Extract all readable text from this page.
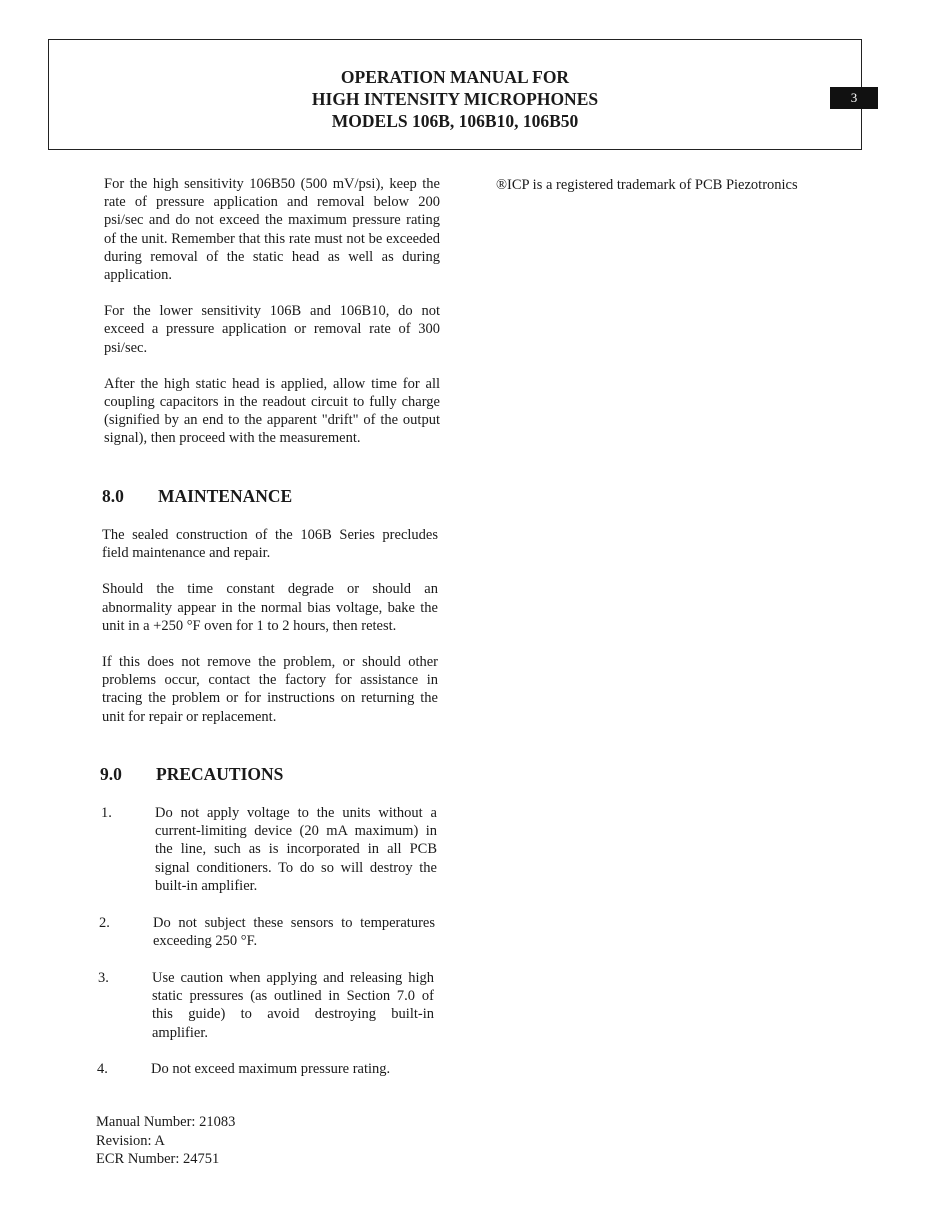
OPERATION MANUAL FOR
HIGH INTENSITY MICROPHONES
MODELS 106B, 106B10, 106B50
3

For the high sensitivity 106B50 (500 mV/psi), keep the rate of pressure application and removal below 200 psi/sec and do not exceed the maximum pressure rating of the unit. Remember that this rate must not be exceeded during removal of the static head as well as during application.

For the lower sensitivity 106B and 106B10, do not exceed a pressure application or removal rate of 300 psi/sec.

After the high static head is applied, allow time for all coupling capacitors in the readout circuit to fully charge (signified by an end to the apparent "drift" of the output signal), then proceed with the measurement.

8.0 MAINTENANCE

The sealed construction of the 106B Series precludes field maintenance and repair.

Should the time constant degrade or should an abnormality appear in the normal bias voltage, bake the unit in a +250 °F oven for 1 to 2 hours, then retest.

If this does not remove the problem, or should other problems occur, contact the factory for assistance in tracing the problem or for instructions on returning the unit for repair or replacement.

9.0 PRECAUTIONS
1.	Do not apply voltage to the units without a current-limiting device (20 mA maximum) in the line, such as is incorporated in all PCB signal conditioners. To do so will destroy the built-in amplifier.
2.	Do not subject these sensors to temperatures exceeding 250 °F.
3.	Use caution when applying and releasing high static pressures (as outlined in Section 7.0 of this guide) to avoid destroying built-in amplifier.
4.	Do not exceed maximum pressure rating.
®ICP is a registered trademark of PCB Piezotronics
Manual Number: 21083
Revision: A
ECR Number: 24751
